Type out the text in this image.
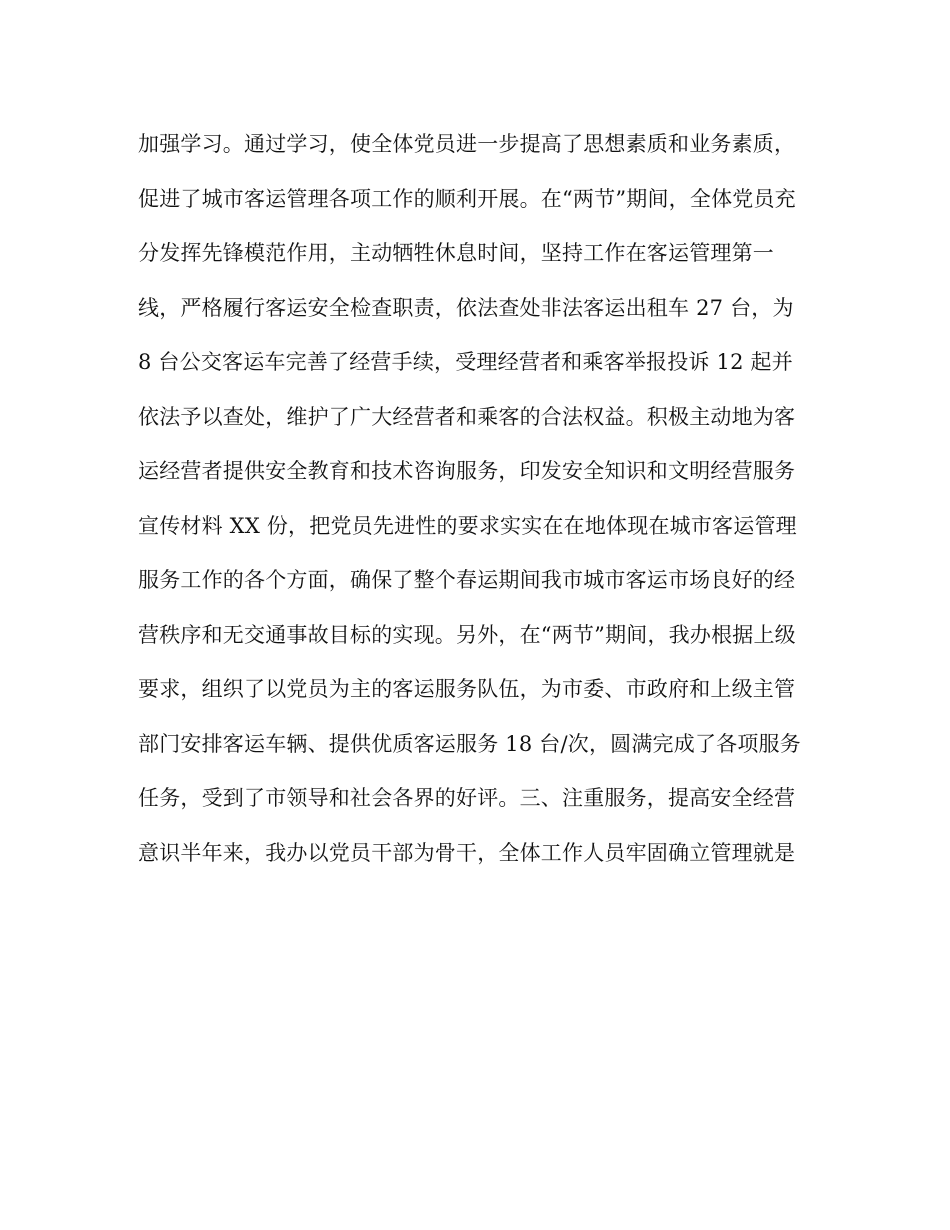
加强学习。通过学习，使全体党员进一步提高了思想素质和业务素质，
促进了城市客运管理各项工作的顺利开展。在“两节”期间，全体党员充
分发挥先锋模范作用，主动牺牲休息时间，坚持工作在客运管理第一
线，严格履行客运安全检查职责，依法查处非法客运出租车 27 台，为
8 台公交客运车完善了经营手续，受理经营者和乘客举报投诉 12 起并
依法予以查处，维护了广大经营者和乘客的合法权益。积极主动地为客
运经营者提供安全教育和技术咨询服务，印发安全知识和文明经营服务
宣传材料 XX 份，把党员先进性的要求实实在在地体现在城市客运管理
服务工作的各个方面，确保了整个春运期间我市城市客运市场良好的经
营秩序和无交通事故目标的实现。另外，在“两节”期间，我办根据上级
要求，组织了以党员为主的客运服务队伍，为市委、市政府和上级主管
部门安排客运车辆、提供优质客运服务 18 台/次，圆满完成了各项服务
任务，受到了市领导和社会各界的好评。三、注重服务，提高安全经营
意识半年来，我办以党员干部为骨干，全体工作人员牢固确立管理就是
